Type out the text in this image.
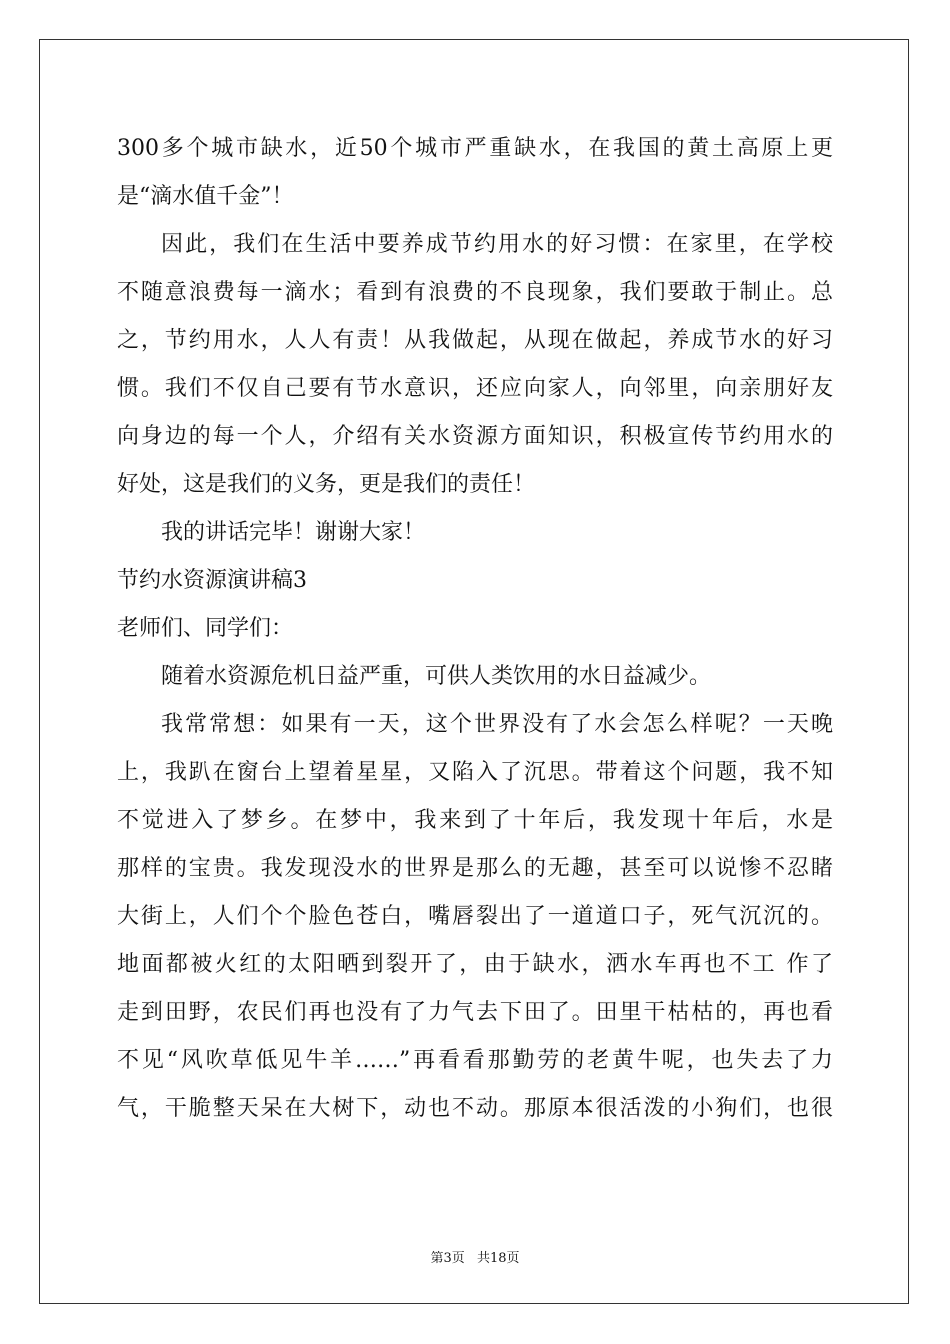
300多个城市缺水，近50个城市严重缺水，在我国的黄土高原上更
是“滴水值千金”！
因此，我们在生活中要养成节约用水的好习惯：在家里，在学校
不随意浪费每一滴水；看到有浪费的不良现象，我们要敢于制止。总
之，节约用水，人人有责！从我做起，从现在做起，养成节水的好习
惯。我们不仅自己要有节水意识，还应向家人，向邻里，向亲朋好友
向身边的每一个人，介绍有关水资源方面知识，积极宣传节约用水的
好处，这是我们的义务，更是我们的责任！
我的讲话完毕！谢谢大家！
节约水资源演讲稿3
老师们、同学们：
随着水资源危机日益严重，可供人类饮用的水日益减少。
我常常想：如果有一天，这个世界没有了水会怎么样呢？一天晚
上，我趴在窗台上望着星星，又陷入了沉思。带着这个问题，我不知
不觉进入了梦乡。在梦中，我来到了十年后，我发现十年后，水是
那样的宝贵。我发现没水的世界是那么的无趣，甚至可以说惨不忍睹
大街上，人们个个脸色苍白，嘴唇裂出了一道道口子，死气沉沉的。
地面都被火红的太阳晒到裂开了，由于缺水，洒水车再也不工 作了
走到田野，农民们再也没有了力气去下田了。田里干枯枯的，再也看
不见“风吹草低见牛羊……”再看看那勤劳的老黄牛呢，也失去了力
气，干脆整天呆在大树下，动也不动。那原本很活泼的小狗们，也很
第3页 共18页
